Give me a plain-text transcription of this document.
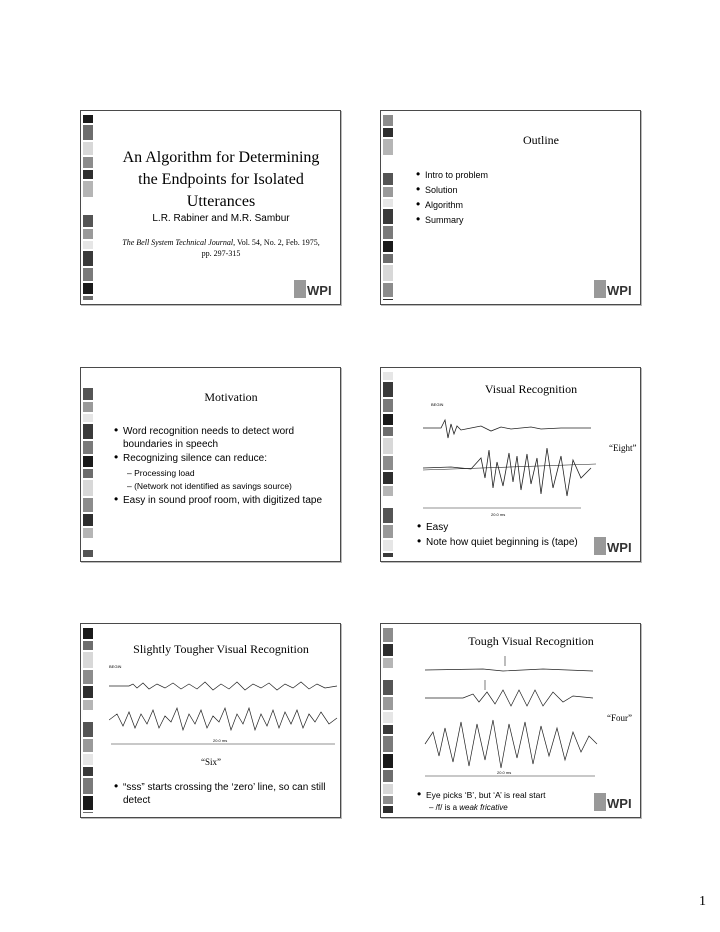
An Algorithm for Determining the Endpoints for Isolated Utterances
L.R. Rabiner and M.R. Sambur
The Bell System Technical Journal, Vol. 54, No. 2, Feb. 1975, pp. 297-315
WPI
Outline
• Intro to problem
• Solution
• Algorithm
• Summary
WPI
Motivation
• Word recognition needs to detect word boundaries in speech
• Recognizing silence can reduce:
– Processing load
– (Network not identified as savings source)
• Easy in sound proof room, with digitized tape
Visual Recognition
BEGIN
20.0 ms
“Eight”
• Easy
• Note how quiet beginning is (tape) WPI
Slightly Tougher Visual Recognition
BEGIN
20.0 ms
“Six”
• “sss” starts crossing the ‘zero’ line, so can still detect
Tough Visual Recognition
20.0 ms
“Four”
• Eye picks ‘B’, but ‘A’ is real start
– /f/ is a weak fricative	WPI
1
